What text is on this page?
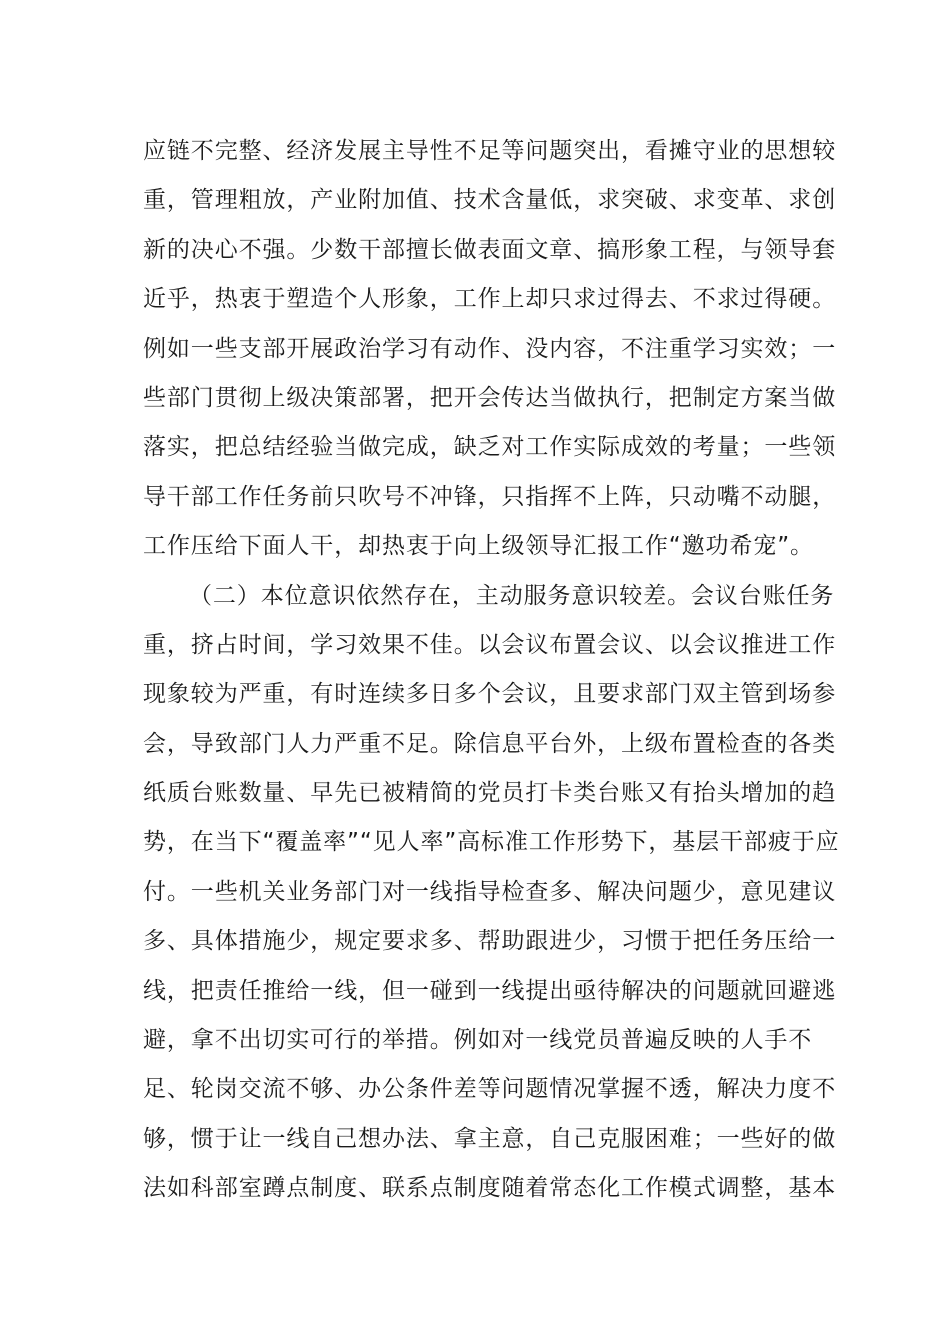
应链不完整、经济发展主导性不足等问题突出，看摊守业的思想较
重，管理粗放，产业附加值、技术含量低，求突破、求变革、求创
新的决心不强。少数干部擅长做表面文章、搞形象工程，与领导套
近乎，热衷于塑造个人形象，工作上却只求过得去、不求过得硬。
例如一些支部开展政治学习有动作、没内容，不注重学习实效；一
些部门贯彻上级决策部署，把开会传达当做执行，把制定方案当做
落实，把总结经验当做完成，缺乏对工作实际成效的考量；一些领
导干部工作任务前只吹号不冲锋，只指挥不上阵，只动嘴不动腿，
工作压给下面人干，却热衷于向上级领导汇报工作“邀功希宠”。
（二）本位意识依然存在，主动服务意识较差。会议台账任务
重，挤占时间，学习效果不佳。以会议布置会议、以会议推进工作
现象较为严重，有时连续多日多个会议，且要求部门双主管到场参
会，导致部门人力严重不足。除信息平台外，上级布置检查的各类
纸质台账数量、早先已被精简的党员打卡类台账又有抬头增加的趋
势，在当下“覆盖率”“见人率”高标准工作形势下，基层干部疲于应
付。一些机关业务部门对一线指导检查多、解决问题少，意见建议
多、具体措施少，规定要求多、帮助跟进少，习惯于把任务压给一
线，把责任推给一线，但一碰到一线提出亟待解决的问题就回避逃
避，拿不出切实可行的举措。例如对一线党员普遍反映的人手不
足、轮岗交流不够、办公条件差等问题情况掌握不透，解决力度不
够，惯于让一线自己想办法、拿主意，自己克服困难；一些好的做
法如科部室蹲点制度、联系点制度随着常态化工作模式调整，基本
